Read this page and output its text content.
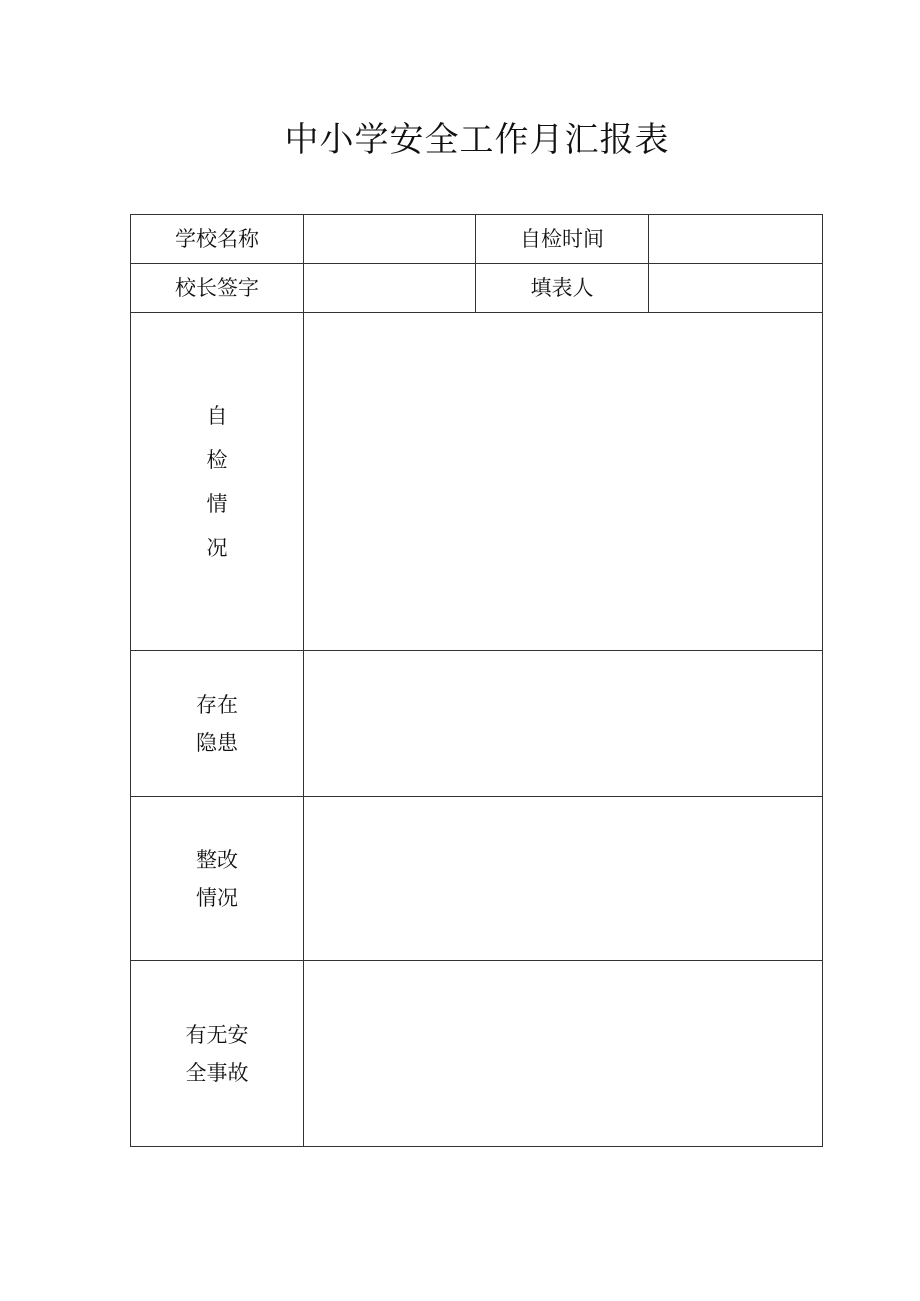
中小学安全工作月汇报表
学校名称		自检时间	
校长签字		填表人	

自
检
情
况			

存在
隐患			

整改
情况			

有无安
全事故			
